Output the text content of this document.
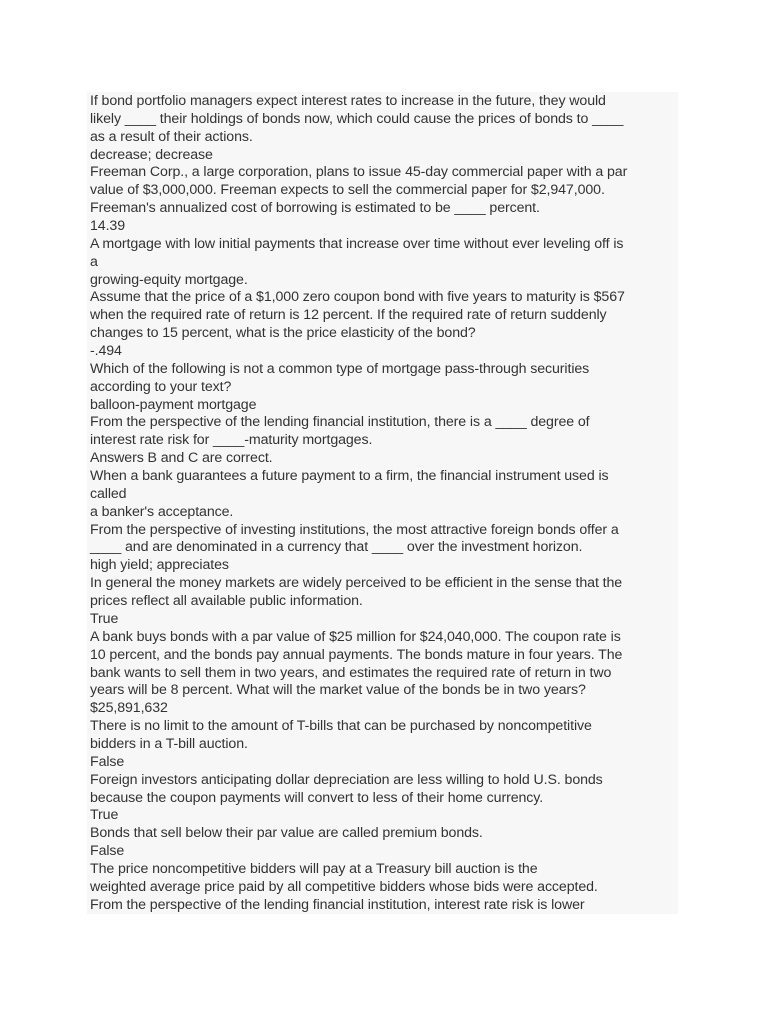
If bond portfolio managers expect interest rates to increase in the future, they would
likely ____ their holdings of bonds now, which could cause the prices of bonds to ____
as a result of their actions.
decrease; decrease
Freeman Corp., a large corporation, plans to issue 45-day commercial paper with a par
value of $3,000,000. Freeman expects to sell the commercial paper for $2,947,000.
Freeman's annualized cost of borrowing is estimated to be ____ percent.
14.39
A mortgage with low initial payments that increase over time without ever leveling off is
a
growing-equity mortgage.
Assume that the price of a $1,000 zero coupon bond with five years to maturity is $567
when the required rate of return is 12 percent. If the required rate of return suddenly
changes to 15 percent, what is the price elasticity of the bond?
-.494
Which of the following is not a common type of mortgage pass-through securities
according to your text?
balloon-payment mortgage
From the perspective of the lending financial institution, there is a ____ degree of
interest rate risk for ____-maturity mortgages.
Answers B and C are correct.
When a bank guarantees a future payment to a firm, the financial instrument used is
called
a banker's acceptance.
From the perspective of investing institutions, the most attractive foreign bonds offer a
____ and are denominated in a currency that ____ over the investment horizon.
high yield; appreciates
In general the money markets are widely perceived to be efficient in the sense that the
prices reflect all available public information.
True
A bank buys bonds with a par value of $25 million for $24,040,000. The coupon rate is
10 percent, and the bonds pay annual payments. The bonds mature in four years. The
bank wants to sell them in two years, and estimates the required rate of return in two
years will be 8 percent. What will the market value of the bonds be in two years?
$25,891,632
There is no limit to the amount of T-bills that can be purchased by noncompetitive
bidders in a T-bill auction.
False
Foreign investors anticipating dollar depreciation are less willing to hold U.S. bonds
because the coupon payments will convert to less of their home currency.
True
Bonds that sell below their par value are called premium bonds.
False
The price noncompetitive bidders will pay at a Treasury bill auction is the
weighted average price paid by all competitive bidders whose bids were accepted.
From the perspective of the lending financial institution, interest rate risk is lower
